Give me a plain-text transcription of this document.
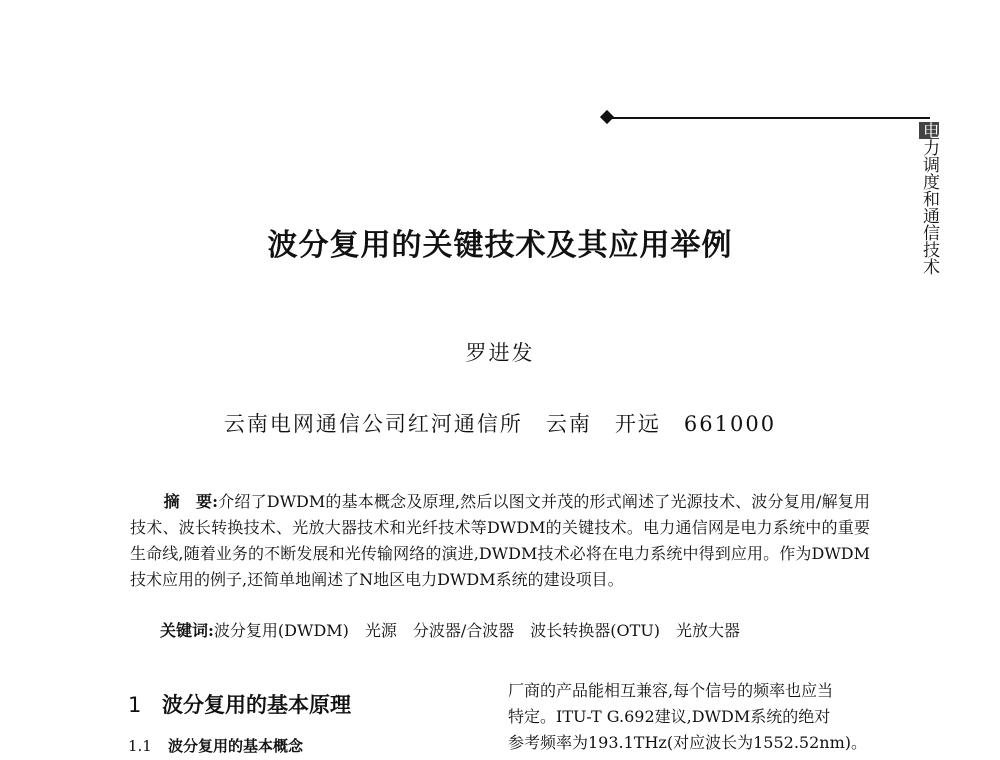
电力调度和通信技术
波分复用的关键技术及其应用举例
罗进发
云南电网通信公司红河通信所　云南　开远　661000
摘　要:介绍了DWDM的基本概念及原理,然后以图文并茂的形式阐述了光源技术、波分复用/解复用技术、波长转换技术、光放大器技术和光纤技术等DWDM的关键技术。电力通信网是电力系统中的重要生命线,随着业务的不断发展和光传输网络的演进,DWDM技术必将在电力系统中得到应用。作为DWDM技术应用的例子,还简单地阐述了N地区电力DWDM系统的建设项目。
关键词:波分复用(DWDM)　光源　分波器/合波器　波长转换器(OTU)　光放大器
1 波分复用的基本原理
1.1 波分复用的基本概念
厂商的产品能相互兼容,每个信号的频率也应当
特定。ITU-T G.692建议,DWDM系统的绝对
参考频率为193.1THz(对应波长为1552.52nm)。
